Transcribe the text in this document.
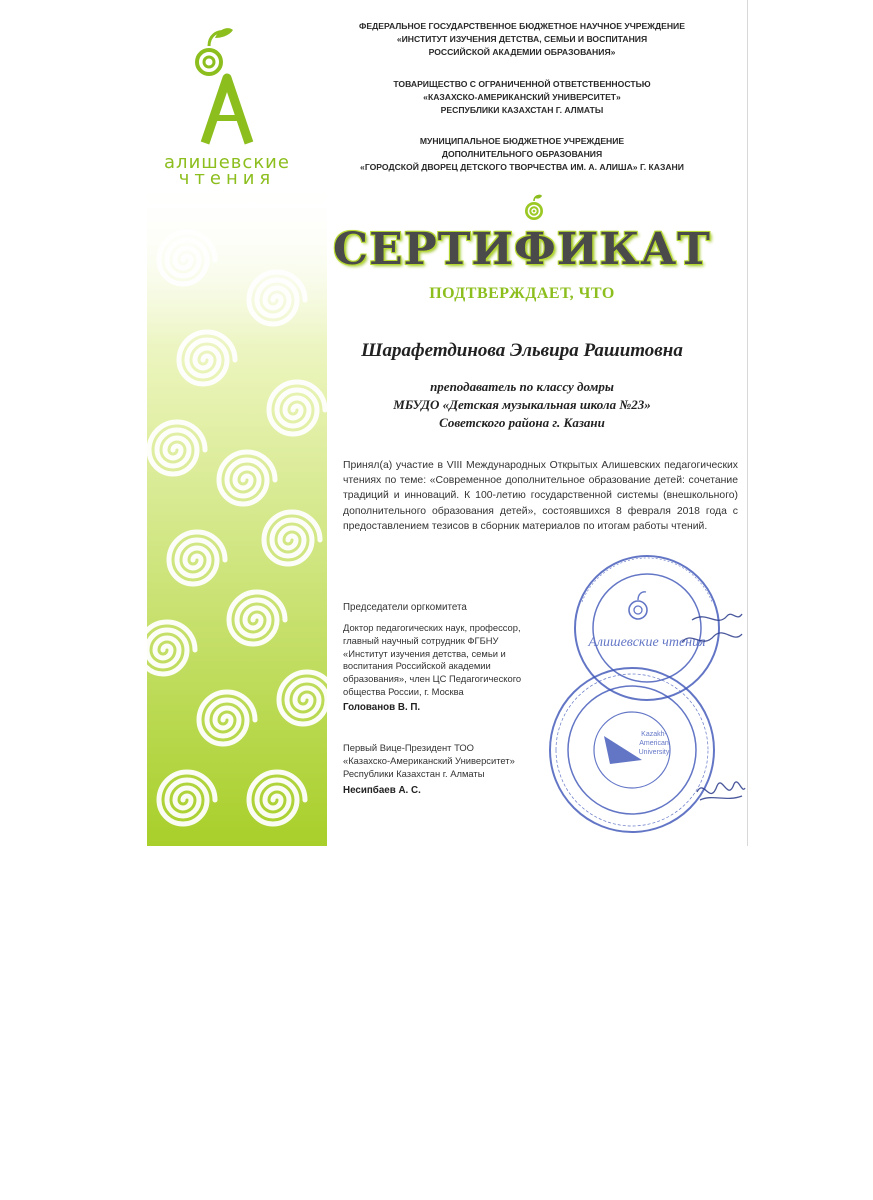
алишевские
чтения
ФЕДЕРАЛЬНОЕ ГОСУДАРСТВЕННОЕ БЮДЖЕТНОЕ НАУЧНОЕ УЧРЕЖДЕНИЕ
«ИНСТИТУТ ИЗУЧЕНИЯ ДЕТСТВА, СЕМЬИ И ВОСПИТАНИЯ
РОССИЙСКОЙ АКАДЕМИИ ОБРАЗОВАНИЯ»
ТОВАРИЩЕСТВО С ОГРАНИЧЕННОЙ ОТВЕТСТВЕННОСТЬЮ
«КАЗАХСКО-АМЕРИКАНСКИЙ УНИВЕРСИТЕТ»
РЕСПУБЛИКИ КАЗАХСТАН Г. АЛМАТЫ
МУНИЦИПАЛЬНОЕ БЮДЖЕТНОЕ УЧРЕЖДЕНИЕ
ДОПОЛНИТЕЛЬНОГО ОБРАЗОВАНИЯ
«ГОРОДСКОЙ ДВОРЕЦ ДЕТСКОГО ТВОРЧЕСТВА ИМ. А. АЛИША» Г. КАЗАНИ
СЕРТИФИКАТ
ПОДТВЕРЖДАЕТ, ЧТО
Шарафетдинова Эльвира Рашитовна
преподаватель по классу домры
МБУДО «Детская музыкальная школа №23»
Советского района г. Казани
Принял(а) участие в VIII Международных Открытых Алишевских педагогических чтениях по теме: «Современное дополнительное образование детей: сочетание традиций и инноваций. К 100-летию государственной системы (внешкольного) дополнительного образования детей», состоявшихся 8 февраля 2018 года с предоставлением тезисов в сборник материалов по итогам работы чтений.
Председатели оргкомитета
Доктор педагогических наук, профессор,
главный научный сотрудник ФГБНУ
«Институт изучения детства, семьи и
воспитания Российской академии
образования», член ЦС Педагогического
общества России, г. Москва
Голованов В. П.
Первый Вице-Президент ТОО
«Казахско-Американский Университет»
Республики Казахстан г. Алматы
Несипбаев А. С.
Алишевские чтения
Kazakh-
American
University
